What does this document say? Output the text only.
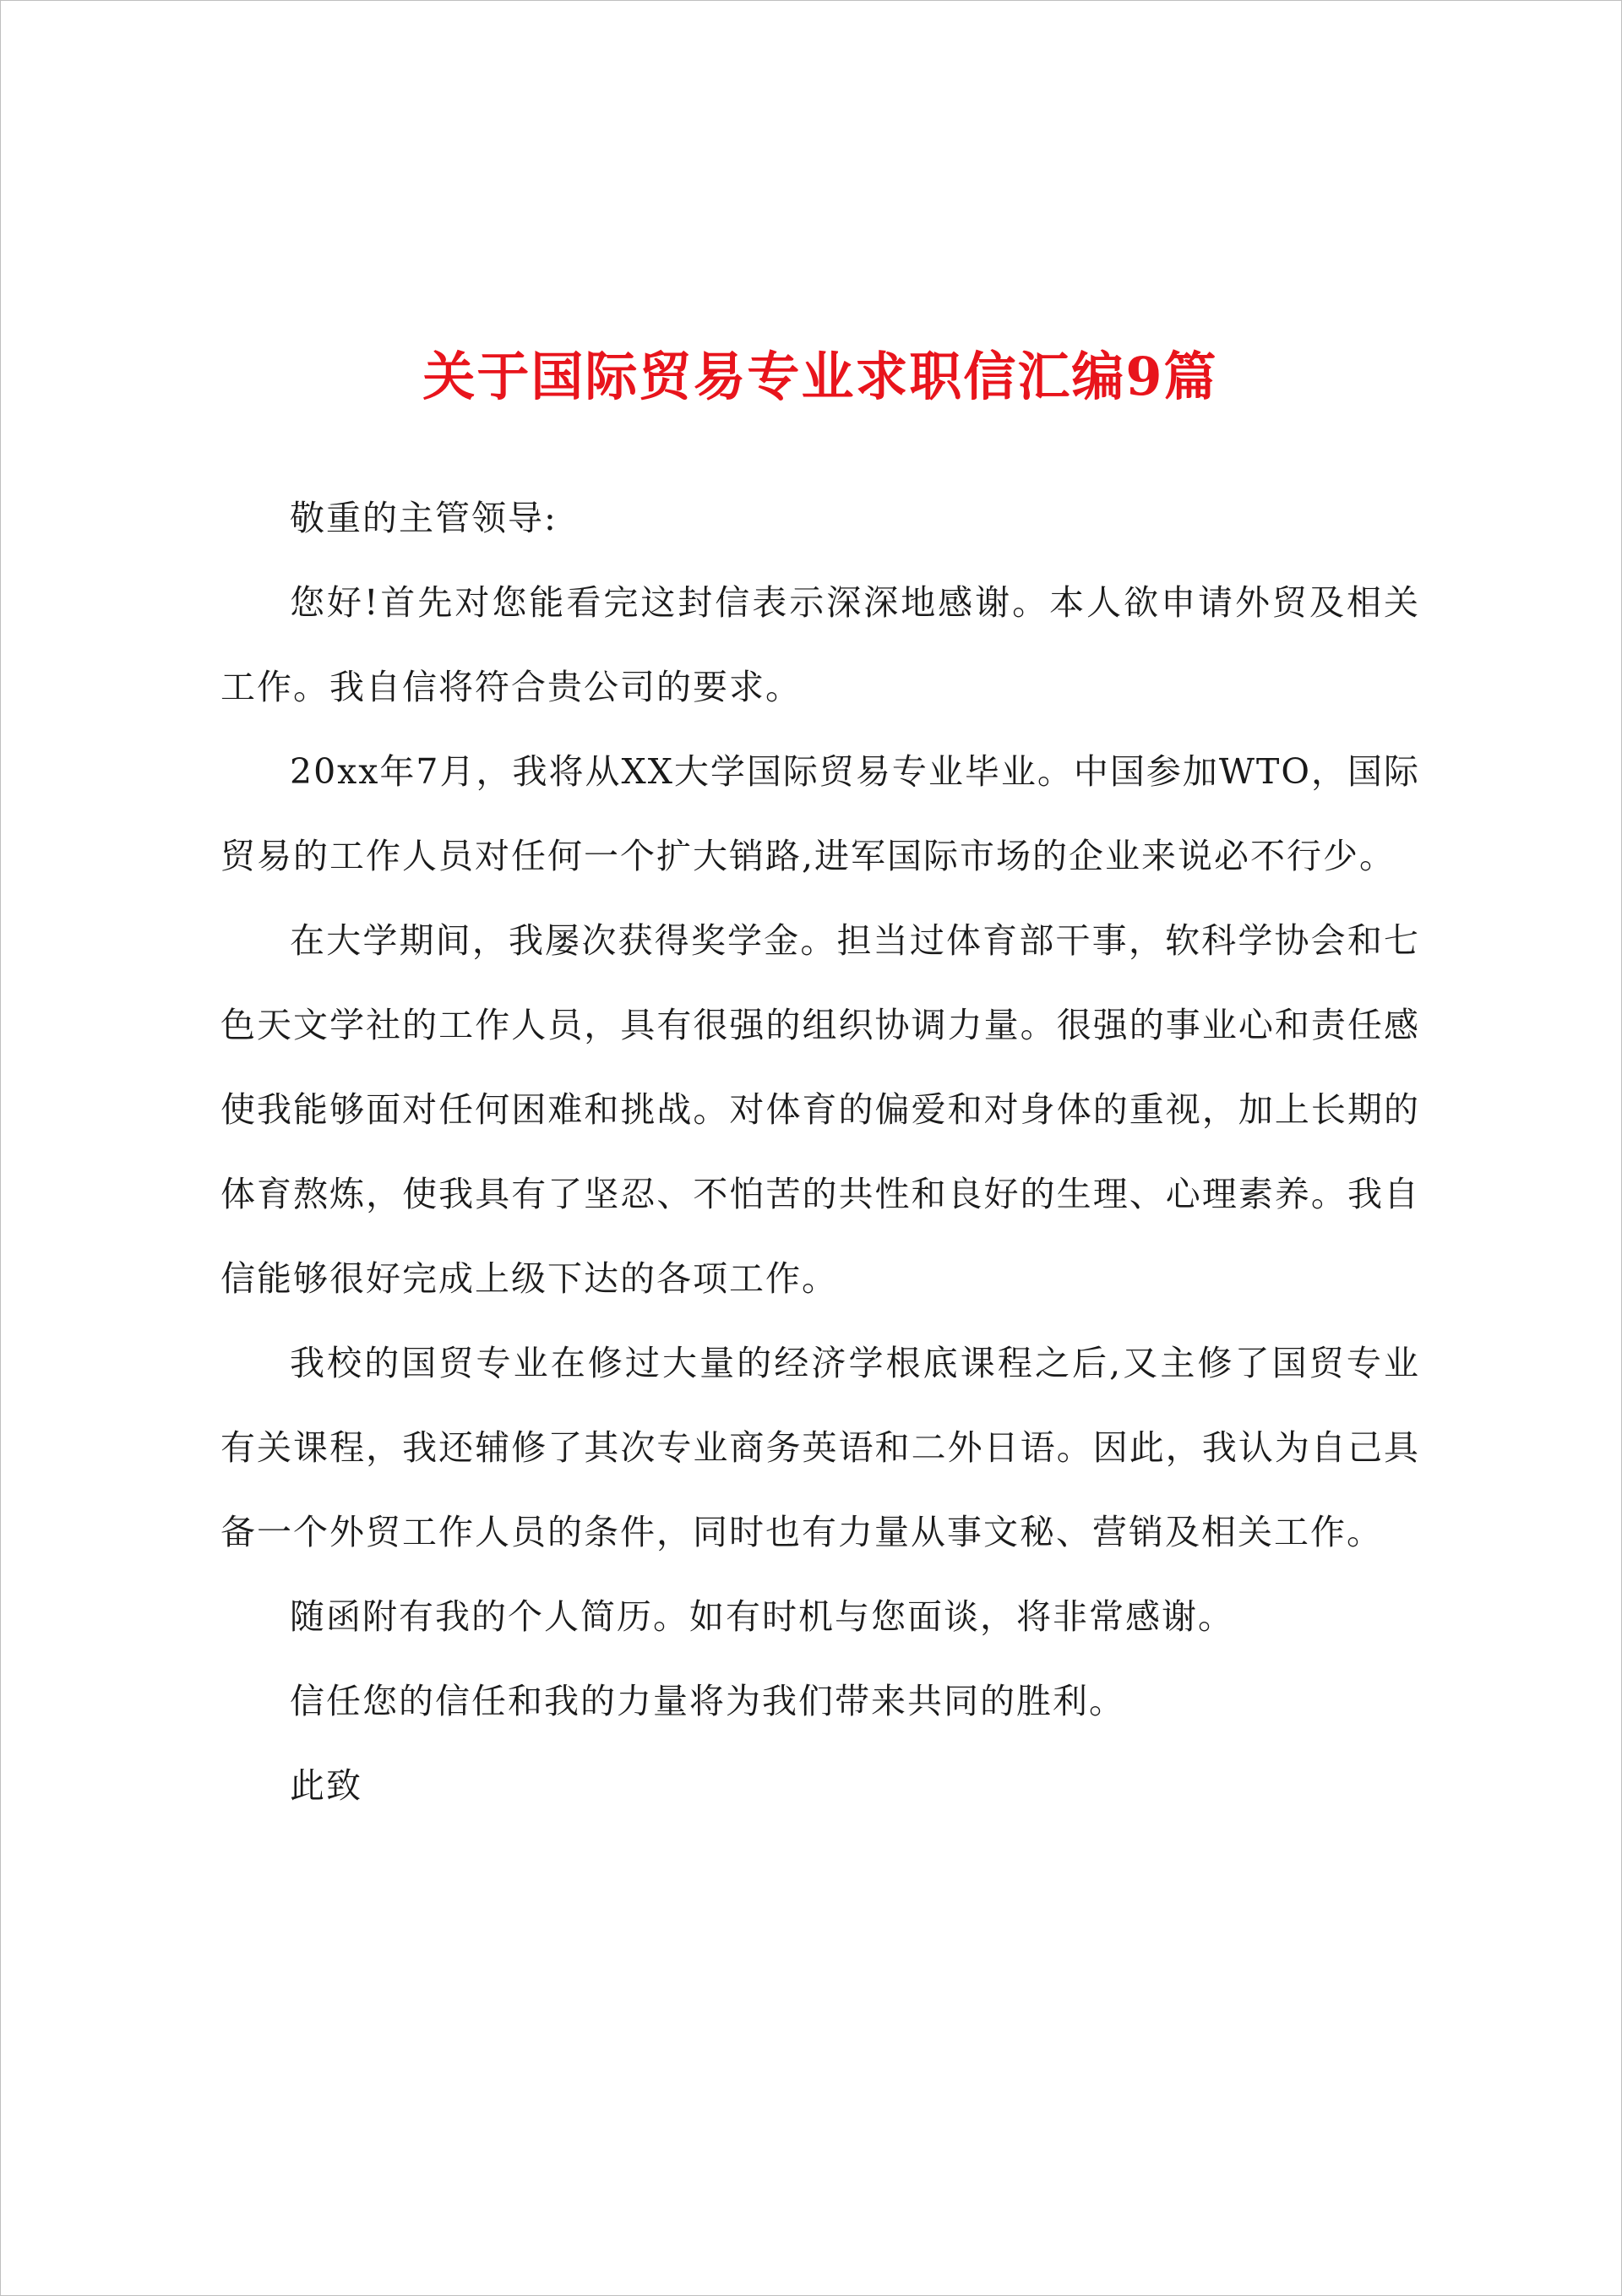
关于国际贸易专业求职信汇编9篇

敬重的主管领导:

您好!首先对您能看完这封信表示深深地感谢。本人欲申请外贸及相关工作。我自信将符合贵公司的要求。

20xx年7月，我将从XX大学国际贸易专业毕业。中国参加WTO，国际贸易的工作人员对任何一个扩大销路,进军国际市场的企业来说必不行少。

在大学期间，我屡次获得奖学金。担当过体育部干事，软科学协会和七色天文学社的工作人员，具有很强的组织协调力量。很强的事业心和责任感使我能够面对任何困难和挑战。对体育的偏爱和对身体的重视，加上长期的体育熬炼，使我具有了坚忍、不怕苦的共性和良好的生理、心理素养。我自信能够很好完成上级下达的各项工作。

我校的国贸专业在修过大量的经济学根底课程之后,又主修了国贸专业有关课程，我还辅修了其次专业商务英语和二外日语。因此，我认为自己具备一个外贸工作人员的条件，同时也有力量从事文秘、营销及相关工作。

随函附有我的个人简历。如有时机与您面谈，将非常感谢。

信任您的信任和我的力量将为我们带来共同的胜利。

此致
